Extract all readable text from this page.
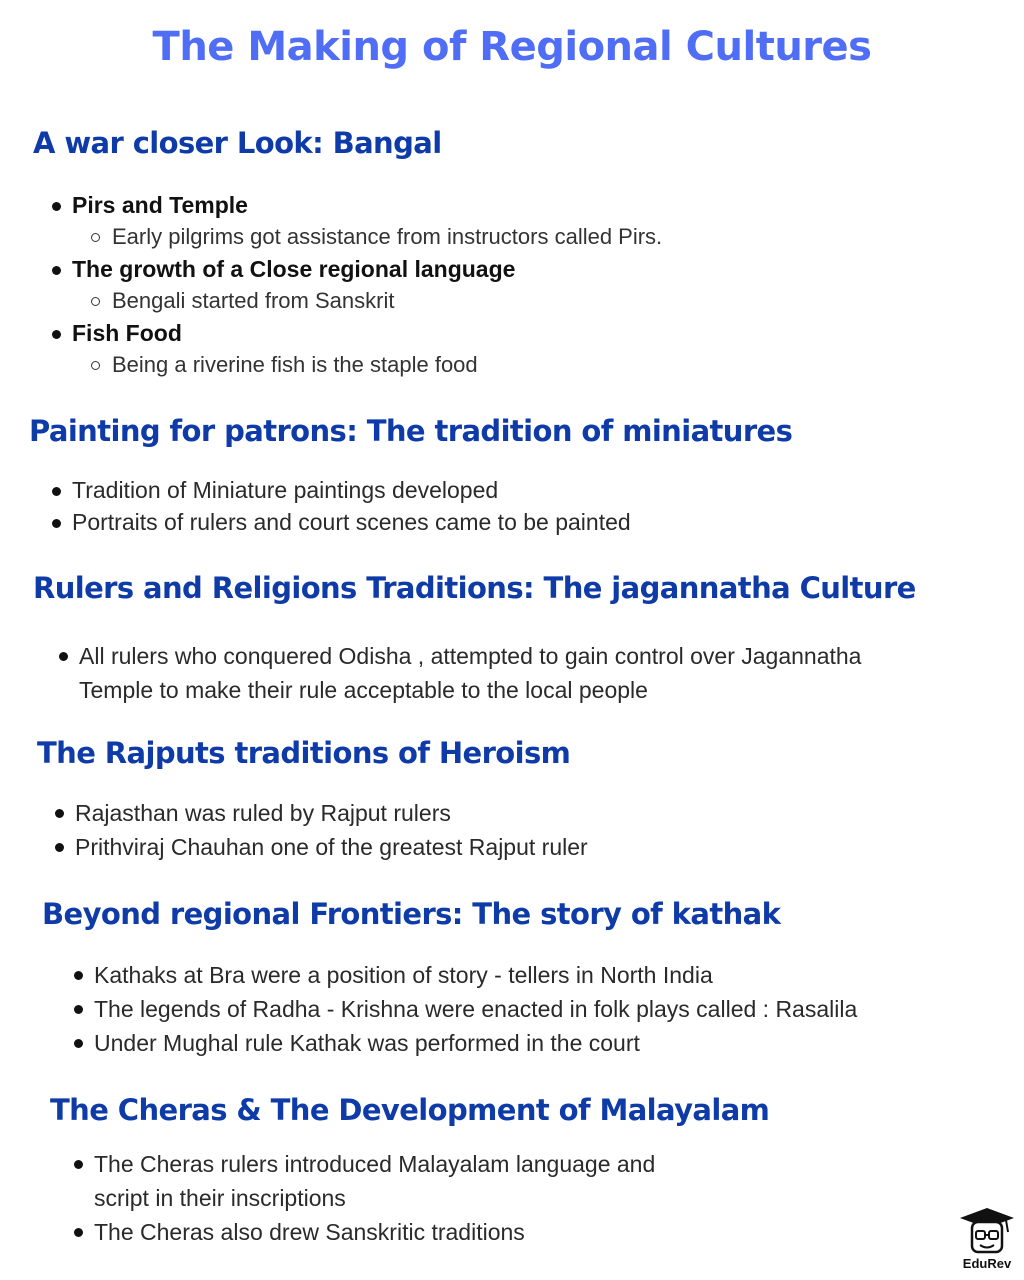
The Making of Regional Cultures
A war closer Look: Bangal
Pirs and Temple
Early pilgrims got assistance from instructors called Pirs.
The growth of a Close regional language
Bengali started from Sanskrit
Fish Food
Being a riverine fish is the staple food
Painting for patrons: The tradition of miniatures
Tradition of Miniature paintings developed
Portraits of rulers and court scenes came to be painted
Rulers and Religions Traditions: The jagannatha Culture
All rulers who conquered Odisha , attempted to gain control over Jagannatha
Temple to make their rule acceptable to the local people
The Rajputs traditions of Heroism
Rajasthan was ruled by Rajput rulers
Prithviraj Chauhan one of the greatest Rajput ruler
Beyond regional Frontiers: The story of kathak
Kathaks at Bra were a position of story - tellers in North India
The legends of Radha - Krishna were enacted in folk plays called : Rasalila
Under Mughal rule Kathak was performed in the court
The Cheras & The Development of Malayalam
The Cheras rulers introduced Malayalam language and
script in their inscriptions
The Cheras also drew Sanskritic traditions
EduRev
